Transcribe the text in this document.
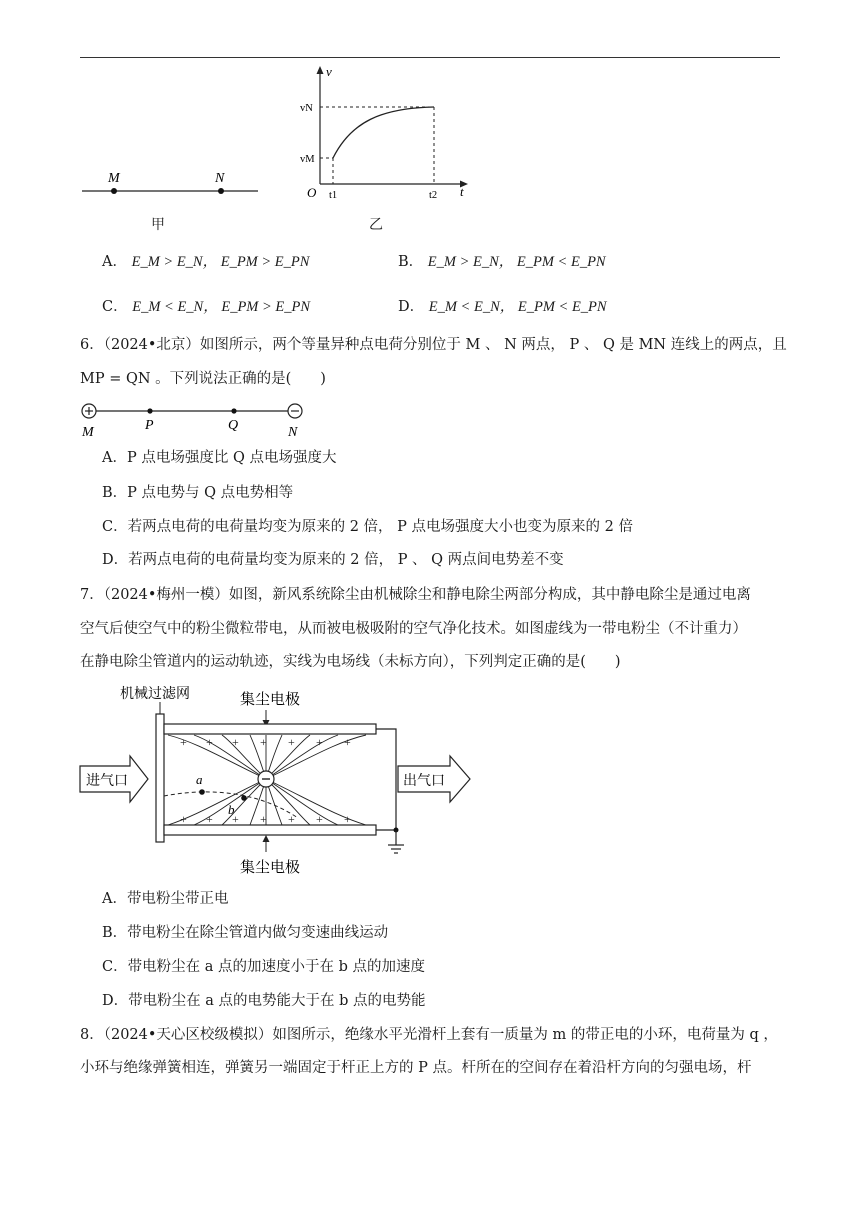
M	N
甲
v
vN
vM
O t1	t2 t
乙
A． E_M > E_N， E_PM > E_PN	B． E_M > E_N， E_PM < E_PN
C． E_M < E_N， E_PM > E_PN	D． E_M < E_N， E_PM < E_PN
6．（2024•北京）如图所示，两个等量异种点电荷分别位于 M 、 N 两点， P 、 Q 是 MN 连线上的两点，且
MP = QN 。下列说法正确的是(　　)
M	P	Q	N
A．P 点电场强度比 Q 点电场强度大
B．P 点电势与 Q 点电势相等
C．若两点电荷的电荷量均变为原来的 2 倍， P 点电场强度大小也变为原来的 2 倍
D．若两点电荷的电荷量均变为原来的 2 倍， P 、 Q 两点间电势差不变
7．（2024•梅州一模）如图，新风系统除尘由机械除尘和静电除尘两部分构成，其中静电除尘是通过电离
空气后使空气中的粉尘微粒带电，从而被电极吸附的空气净化技术。如图虚线为一带电粉尘（不计重力）
在静电除尘管道内的运动轨迹，实线为电场线（未标方向），下列判定正确的是(　　)
机械过滤网	集尘电极
+ + + + + + +
+ + + + + + +
a
b
进气口	出气口
集尘电极
A．带电粉尘带正电
B．带电粉尘在除尘管道内做匀变速曲线运动
C．带电粉尘在 a 点的加速度小于在 b 点的加速度
D．带电粉尘在 a 点的电势能大于在 b 点的电势能
8．（2024•天心区校级模拟）如图所示，绝缘水平光滑杆上套有一质量为 m 的带正电的小环，电荷量为 q ，
小环与绝缘弹簧相连，弹簧另一端固定于杆正上方的 P 点。杆所在的空间存在着沿杆方向的匀强电场，杆
